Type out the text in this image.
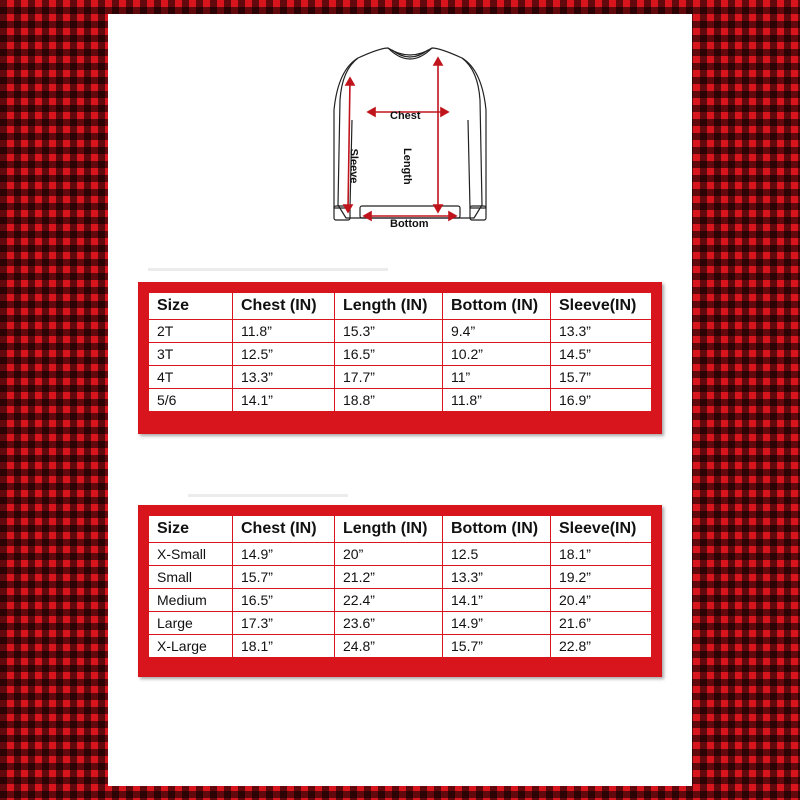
Chest
Bottom
Length
Sleeve
Size	Chest (IN)	Length (IN)	Bottom (IN)	Sleeve(IN)
2T	11.8”	15.3”	9.4”	13.3”
3T	12.5”	16.5”	10.2”	14.5”
4T	13.3”	17.7”	11”	15.7”
5/6	14.1”	18.8”	11.8”	16.9”
Size	Chest (IN)	Length (IN)	Bottom (IN)	Sleeve(IN)
X-Small	14.9”	20”	12.5	18.1”
Small	15.7”	21.2”	13.3”	19.2”
Medium	16.5”	22.4”	14.1”	20.4”
Large	17.3”	23.6”	14.9”	21.6”
X-Large	18.1”	24.8”	15.7”	22.8”
